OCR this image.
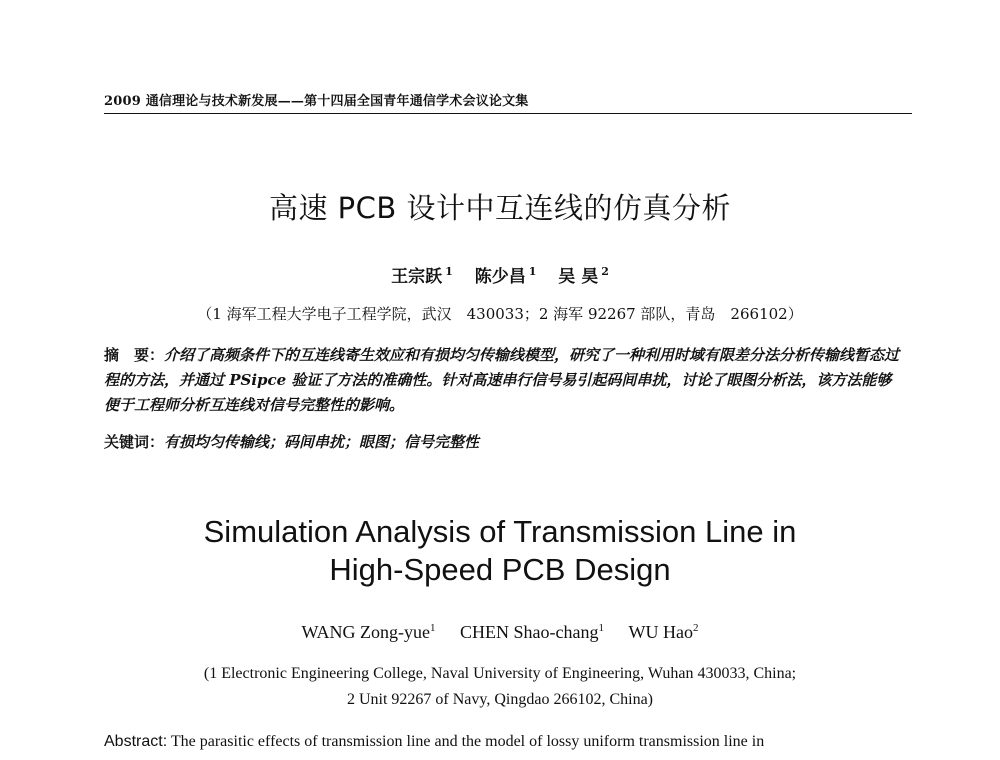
2009 通信理论与技术新发展——第十四届全国青年通信学术会议论文集
高速 PCB 设计中互连线的仿真分析
王宗跃 $^1$ 陈少昌 $^1$ 吴 昊 $^2$
（1 海军工程大学电子工程学院，武汉　430033；2 海军 92267 部队，青岛　266102）
摘　要：介绍了高频条件下的互连线寄生效应和有损均匀传输线模型，研究了一种利用时域有限差分法分析传输线暂态过程的方法，并通过 PSipce 验证了方法的准确性。针对高速串行信号易引起码间串扰，讨论了眼图分析法，该方法能够便于工程师分析互连线对信号完整性的影响。
关键词：有损均匀传输线；码间串扰；眼图；信号完整性
Simulation Analysis of Transmission Line in
High-Speed PCB Design
WANG Zong-yue$^1$ CHEN Shao-chang$^1$ WU Hao$^2$
(1 Electronic Engineering College, Naval University of Engineering, Wuhan 430033, China;
2 Unit 92267 of Navy, Qingdao 266102, China)
Abstract: The parasitic effects of transmission line and the model of lossy uniform transmission line in
